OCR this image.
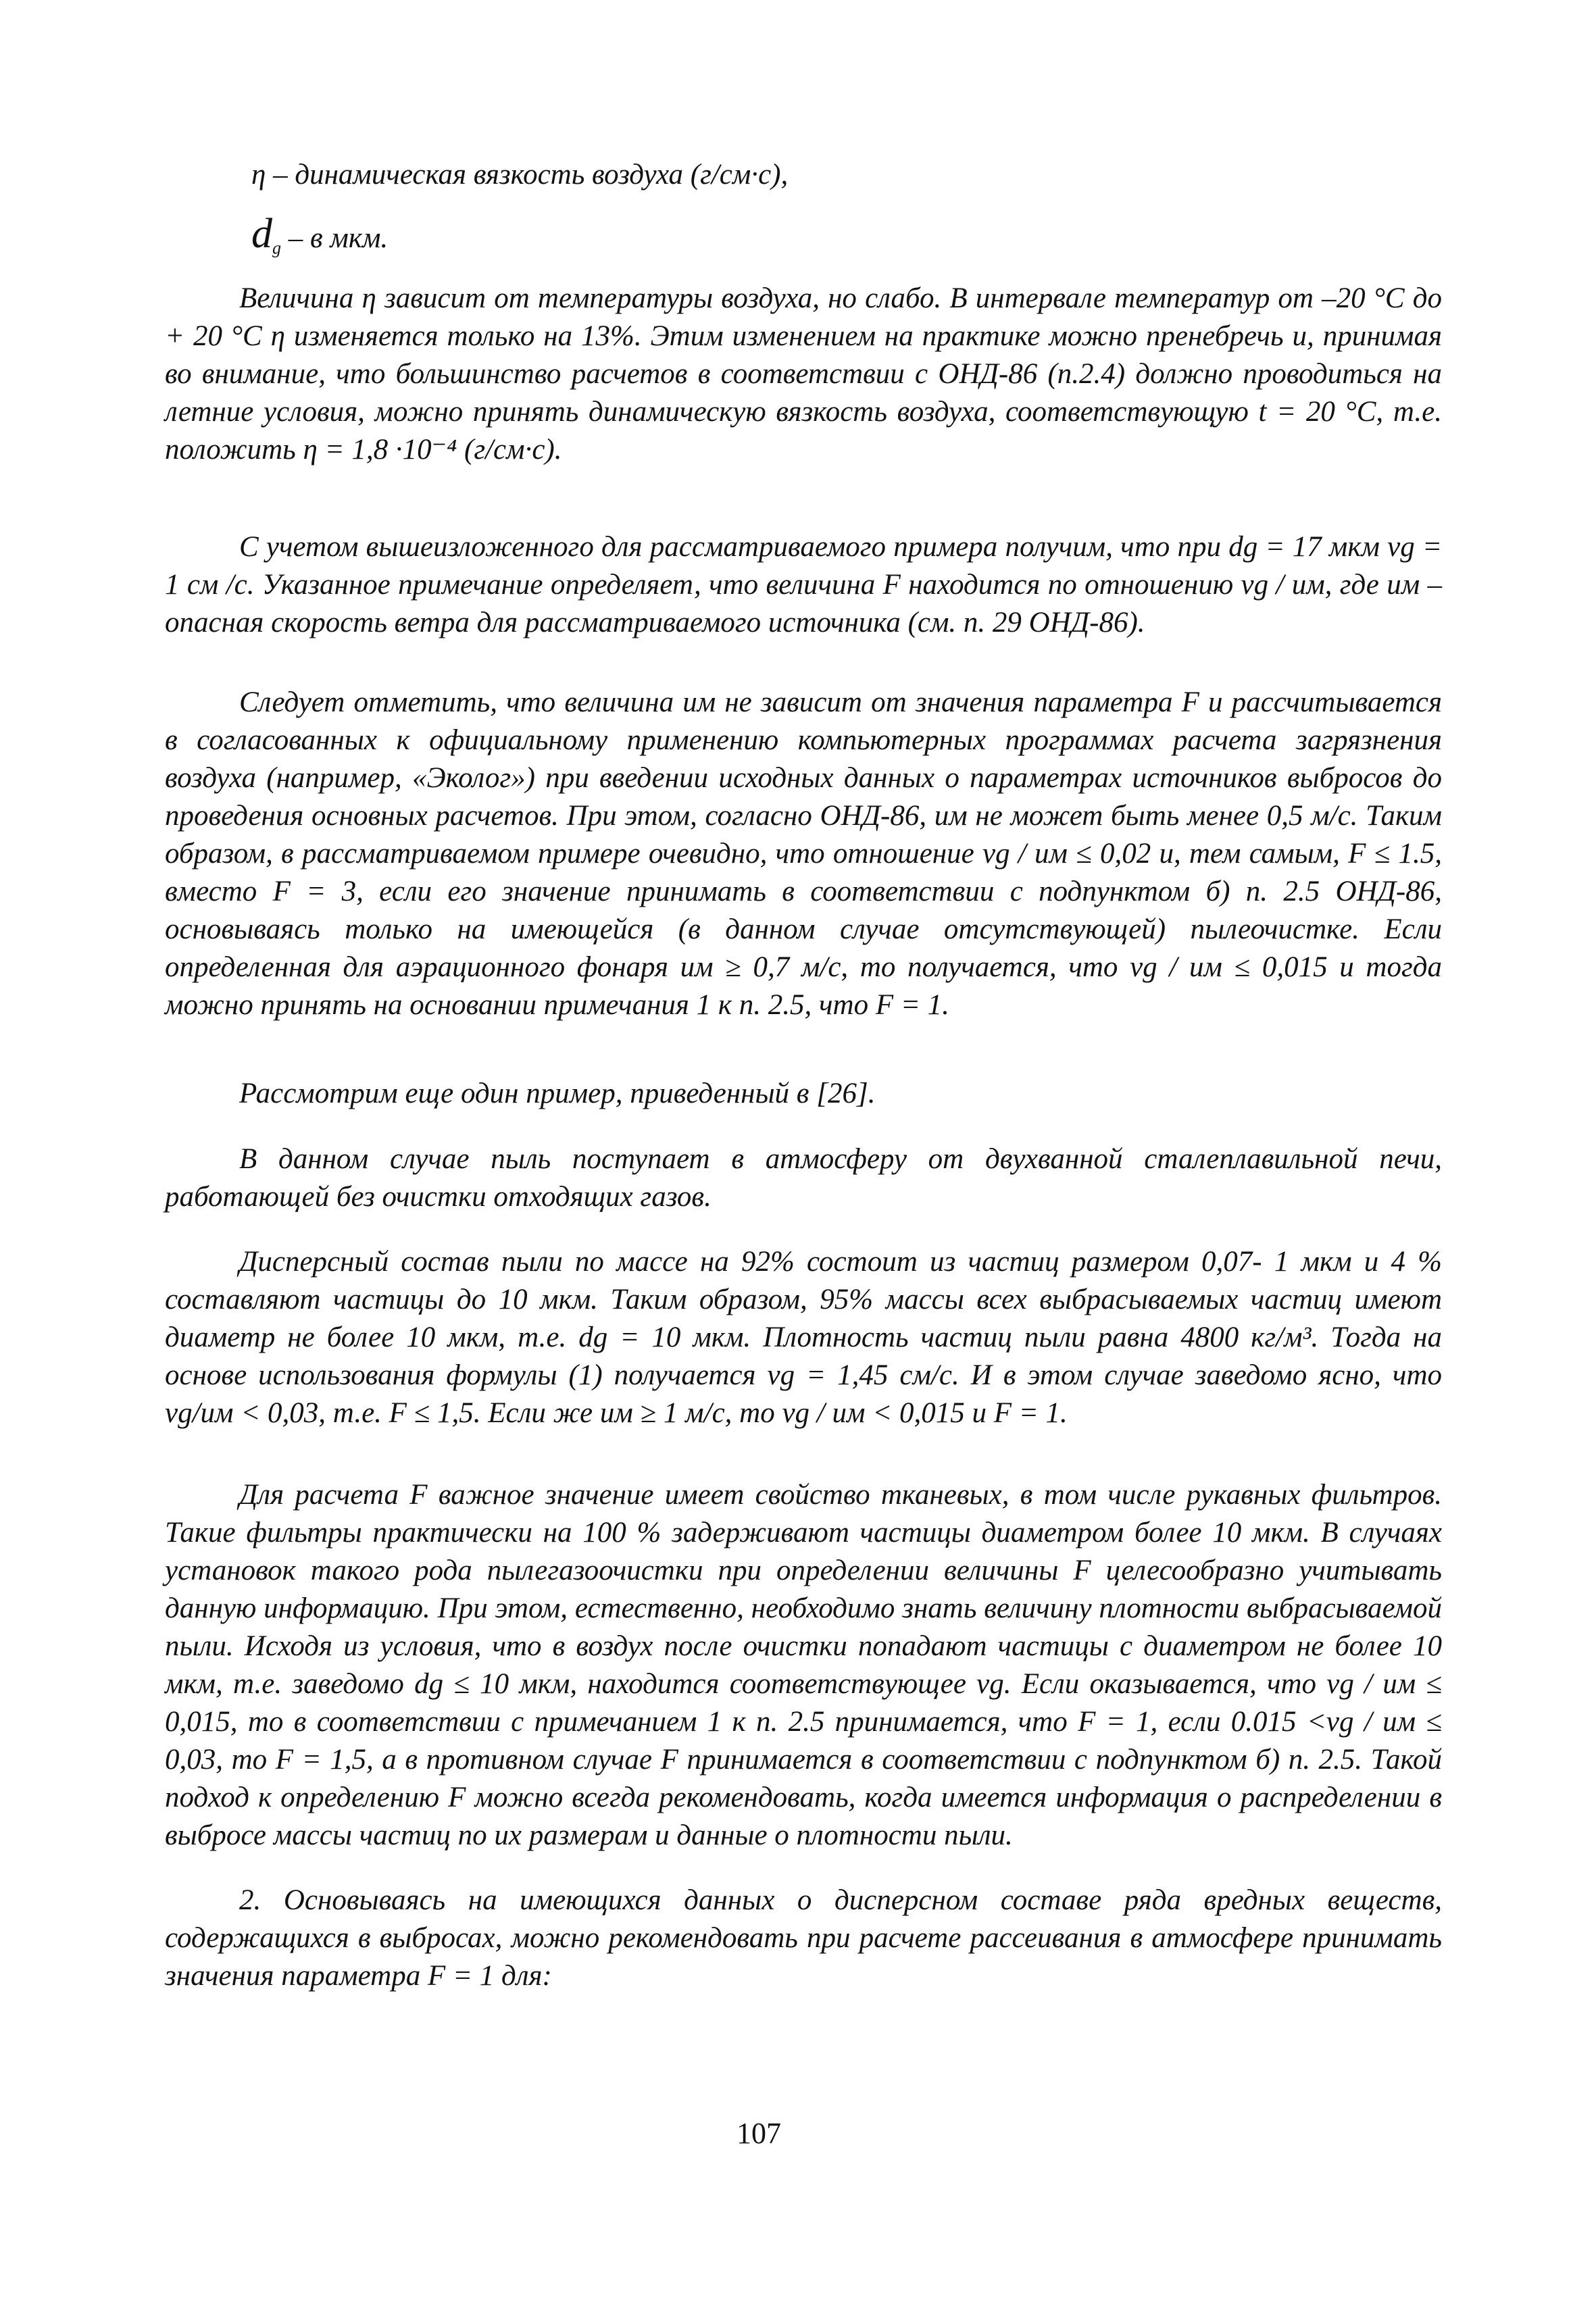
η – динамическая вязкость воздуха (г/см·с),
$d_g$ – в мкм.

Величина η зависит от температуры воздуха, но слабо. В интервале температур от –20 °C до + 20 °C η изменяется только на 13%. Этим изменением на практике можно пренебречь и, принимая во внимание, что большинство расчетов в соответствии с ОНД-86 (п.2.4) должно проводиться на летние условия, можно принять динамическую вязкость воздуха, соответствующую t = 20 °C, т.е. положить η = 1,8 ·10⁻⁴ (г/см·с).

С учетом вышеизложенного для рассматриваемого примера получим, что при dg = 17 мкм vg = 1 см /с. Указанное примечание определяет, что величина F находится по отношению vg / uм, где uм – опасная скорость ветра для рассматриваемого источника (см. п. 29 ОНД-86).

Следует отметить, что величина uм не зависит от значения параметра F и рассчитывается в согласованных к официальному применению компьютерных программах расчета загрязнения воздуха (например, «Эколог») при введении исходных данных о параметрах источников выбросов до проведения основных расчетов. При этом, согласно ОНД-86, uм не может быть менее 0,5 м/с. Таким образом, в рассматриваемом примере очевидно, что отношение vg / uм ≤ 0,02 и, тем самым, F ≤ 1.5, вместо F = 3, если его значение принимать в соответствии с подпунктом б) п. 2.5 ОНД-86, основываясь только на имеющейся (в данном случае отсутствующей) пылеочистке. Если определенная для аэрационного фонаря uм ≥ 0,7 м/с, то получается, что vg / uм ≤ 0,015 и тогда можно принять на основании примечания 1 к п. 2.5, что F = 1.

Рассмотрим еще один пример, приведенный в [26].

В данном случае пыль поступает в атмосферу от двухванной сталеплавильной печи, работающей без очистки отходящих газов.

Дисперсный состав пыли по массе на 92% состоит из частиц размером 0,07- 1 мкм и 4 % составляют частицы до 10 мкм. Таким образом, 95% массы всех выбрасываемых частиц имеют диаметр не более 10 мкм, т.е. dg = 10 мкм. Плотность частиц пыли равна 4800 кг/м³. Тогда на основе использования формулы (1) получается vg = 1,45 см/с. И в этом случае заведомо ясно, что vg/uм < 0,03, т.е. F ≤ 1,5. Если же uм ≥ 1 м/с, то vg / uм < 0,015 и F = 1.

Для расчета F важное значение имеет свойство тканевых, в том числе рукавных фильтров. Такие фильтры практически на 100 % задерживают частицы диаметром более 10 мкм. В случаях установок такого рода пылегазоочистки при определении величины F целесообразно учитывать данную информацию. При этом, естественно, необходимо знать величину плотности выбрасываемой пыли. Исходя из условия, что в воздух после очистки попадают частицы с диаметром не более 10 мкм, т.е. заведомо dg ≤ 10 мкм, находится соответствующее vg. Если оказывается, что vg / uм ≤ 0,015, то в соответствии с примечанием 1 к п. 2.5 принимается, что F = 1, если 0.015 <vg / uм ≤ 0,03, то F = 1,5, а в противном случае F принимается в соответствии с подпунктом б) п. 2.5. Такой подход к определению F можно всегда рекомендовать, когда имеется информация о распределении в выбросе массы частиц по их размерам и данные о плотности пыли.

2. Основываясь на имеющихся данных о дисперсном составе ряда вредных веществ, содержащихся в выбросах, можно рекомендовать при расчете рассеивания в атмосфере принимать значения параметра F = 1 для:

107
